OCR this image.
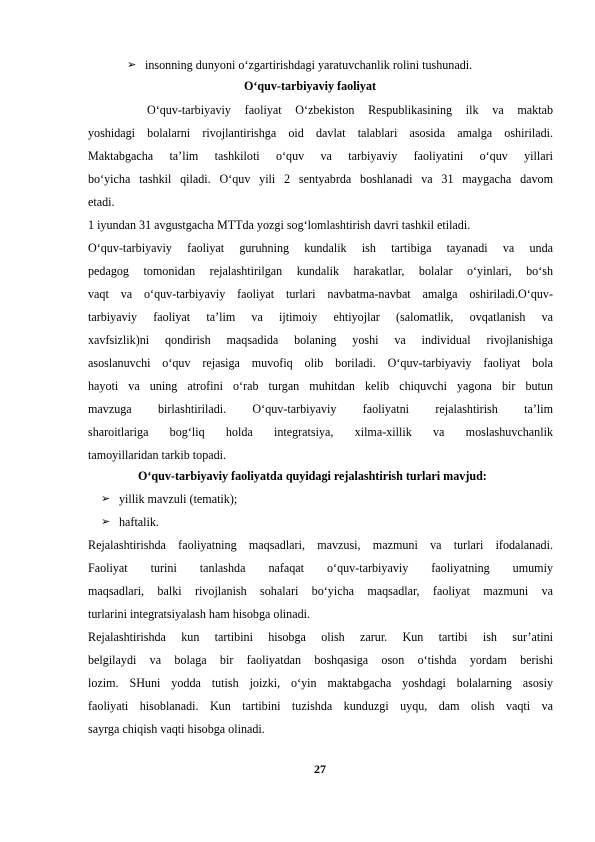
➢ insonning dunyoni o‘zgartirishdagi yaratuvchanlik rolini tushunadi.
O‘quv-tarbiyaviy faoliyat
O‘quv-tarbiyaviy faoliyat O‘zbekiston Respublikasining ilk va maktab
yoshidagi bolalarni rivojlantirishga oid davlat talablari asosida amalga oshiriladi.
Maktabgacha ta’lim tashkiloti o‘quv va tarbiyaviy faoliyatini o‘quv yillari
bo‘yicha tashkil qiladi. O‘quv yili 2 sentyabrda boshlanadi va 31 maygacha davom
etadi.
1 iyundan 31 avgustgacha MTTda yozgi sog‘lomlashtirish davri tashkil etiladi.
O‘quv-tarbiyaviy faoliyat guruhning kundalik ish tartibiga tayanadi va unda
pedagog tomonidan rejalashtirilgan kundalik harakatlar, bolalar o‘yinlari, bo‘sh
vaqt va o‘quv-tarbiyaviy faoliyat turlari navbatma-navbat amalga oshiriladi.O‘quv-
tarbiyaviy faoliyat ta’lim va ijtimoiy ehtiyojlar (salomatlik, ovqatlanish va
xavfsizlik)ni qondirish maqsadida bolaning yoshi va individual rivojlanishiga
asoslanuvchi o‘quv rejasiga muvofiq olib boriladi. O‘quv-tarbiyaviy faoliyat bola
hayoti va uning atrofini o‘rab turgan muhitdan kelib chiquvchi yagona bir butun
mavzuga birlashtiriladi. O‘quv-tarbiyaviy faoliyatni rejalashtirish ta’lim
sharoitlariga bog‘liq holda integratsiya, xilma-xillik va moslashuvchanlik
tamoyillaridan tarkib topadi.
O‘quv-tarbiyaviy faoliyatda quyidagi rejalashtirish turlari mavjud:
➢ yillik mavzuli (tematik);
➢ haftalik.
Rejalashtirishda faoliyatning maqsadlari, mavzusi, mazmuni va turlari ifodalanadi.
Faoliyat turini tanlashda nafaqat o‘quv-tarbiyaviy faoliyatning umumiy
maqsadlari, balki rivojlanish sohalari bo‘yicha maqsadlar, faoliyat mazmuni va
turlarini integratsiyalash ham hisobga olinadi.
Rejalashtirishda kun tartibini hisobga olish zarur. Kun tartibi ish sur’atini
belgilaydi va bolaga bir faoliyatdan boshqasiga oson o‘tishda yordam berishi
lozim. SHuni yodda tutish joizki, o‘yin maktabgacha yoshdagi bolalarning asosiy
faoliyati hisoblanadi. Kun tartibini tuzishda kunduzgi uyqu, dam olish vaqti va
sayrga chiqish vaqti hisobga olinadi.
27
